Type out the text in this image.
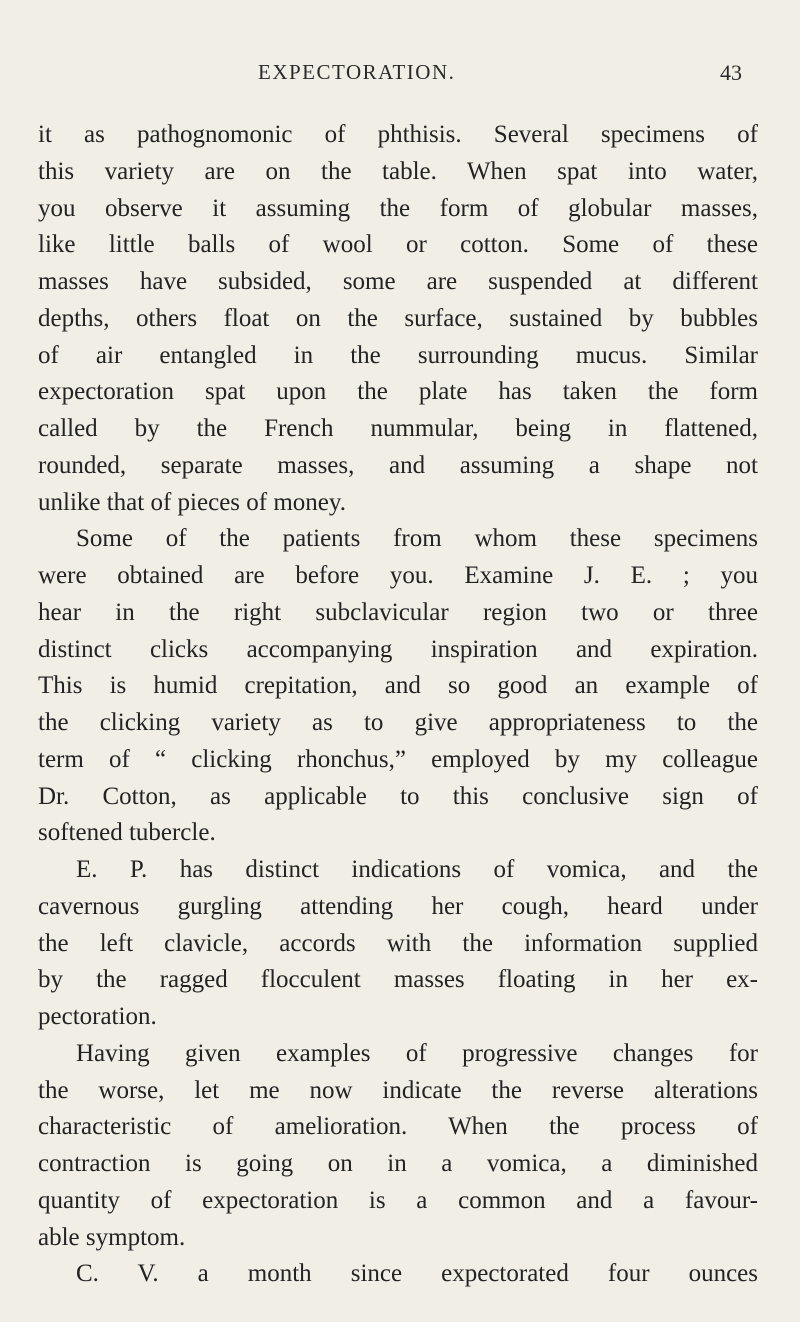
EXPECTORATION.	43
it as pathognomonic of phthisis. Several specimens of
this variety are on the table. When spat into water,
you observe it assuming the form of globular masses,
like little balls of wool or cotton. Some of these
masses have subsided, some are suspended at different
depths, others float on the surface, sustained by bubbles
of air entangled in the surrounding mucus. Similar
expectoration spat upon the plate has taken the form
called by the French nummular, being in flattened,
rounded, separate masses, and assuming a shape not
unlike that of pieces of money.
Some of the patients from whom these specimens
were obtained are before you. Examine J. E. ; you
hear in the right subclavicular region two or three
distinct clicks accompanying inspiration and expiration.
This is humid crepitation, and so good an example of
the clicking variety as to give appropriateness to the
term of “ clicking rhonchus,” employed by my colleague
Dr. Cotton, as applicable to this conclusive sign of
softened tubercle.
E. P. has distinct indications of vomica, and the
cavernous gurgling attending her cough, heard under
the left clavicle, accords with the information supplied
by the ragged flocculent masses floating in her ex-
pectoration.
Having given examples of progressive changes for
the worse, let me now indicate the reverse alterations
characteristic of amelioration. When the process of
contraction is going on in a vomica, a diminished
quantity of expectoration is a common and a favour-
able symptom.
C. V. a month since expectorated four ounces
